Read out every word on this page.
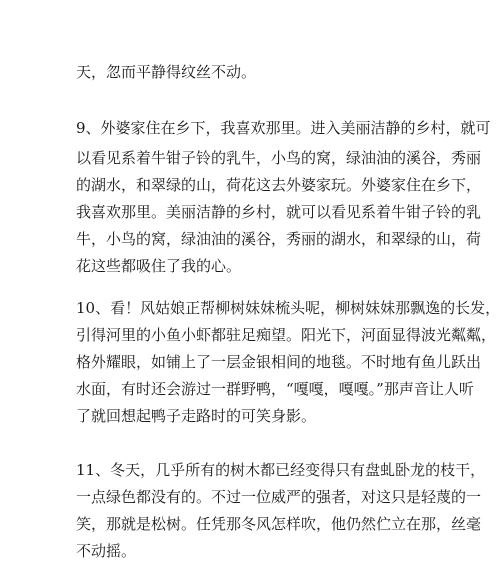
天，忽而平静得纹丝不动。
9、外婆家住在乡下，我喜欢那里。进入美丽洁静的乡村，就可
以看见系着牛钳子铃的乳牛，小鸟的窝，绿油油的溪谷，秀丽
的湖水，和翠绿的山，荷花这去外婆家玩。外婆家住在乡下，
我喜欢那里。美丽洁静的乡村，就可以看见系着牛钳子铃的乳
牛，小鸟的窝，绿油油的溪谷，秀丽的湖水，和翠绿的山，荷
花这些都吸住了我的心。
10、看！风姑娘正帮柳树妹妹梳头呢，柳树妹妹那飘逸的长发，
引得河里的小鱼小虾都驻足痴望。阳光下，河面显得波光粼粼，
格外耀眼，如铺上了一层金银相间的地毯。不时地有鱼儿跃出
水面，有时还会游过一群野鸭，“嘎嘎，嘎嘎。”那声音让人听
了就回想起鸭子走路时的可笑身影。
11、冬天，几乎所有的树木都已经变得只有盘虬卧龙的枝干，
一点绿色都没有的。不过一位威严的强者，对这只是轻蔑的一
笑，那就是松树。任凭那冬风怎样吹，他仍然伫立在那，丝毫
不动摇。
